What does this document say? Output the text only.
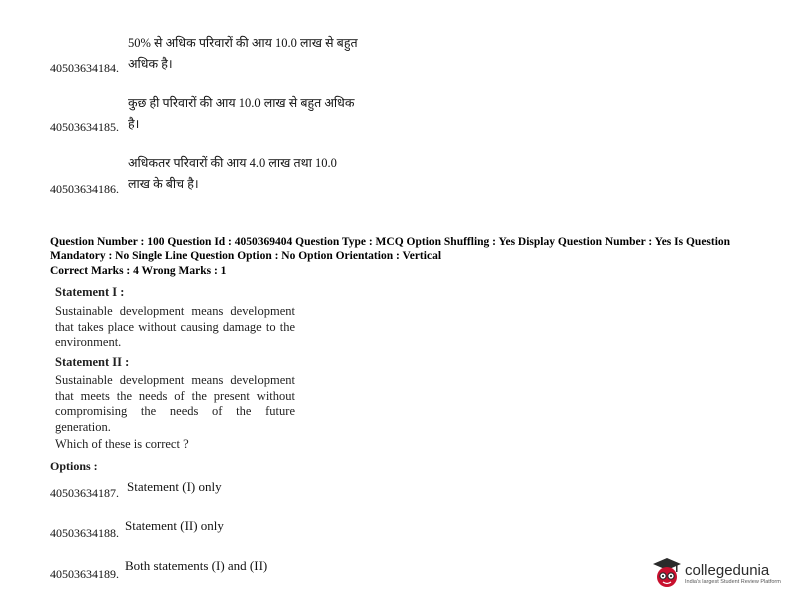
50% से अधिक परिवारों की आय 10.0 लाख से बहुत अधिक है।
40503634184.
कुछ ही परिवारों की आय 10.0 लाख से बहुत अधिक है।
40503634185.
अधिकतर परिवारों की आय 4.0 लाख तथा 10.0 लाख के बीच है।
40503634186.
Question Number : 100 Question Id : 4050369404 Question Type : MCQ Option Shuffling : Yes Display Question Number : Yes Is Question Mandatory : No Single Line Question Option : No Option Orientation : Vertical
Correct Marks : 4 Wrong Marks : 1
Statement I :
Sustainable development means development that takes place without causing damage to the environment.
Statement II :
Sustainable development means development that meets the needs of the present without compromising the needs of the future generation.
Which of these is correct ?
Options :
Statement (I) only
40503634187.
Statement (II) only
40503634188.
Both statements (I) and (II)
40503634189.	collegedunia
India's largest Student Review Platform
